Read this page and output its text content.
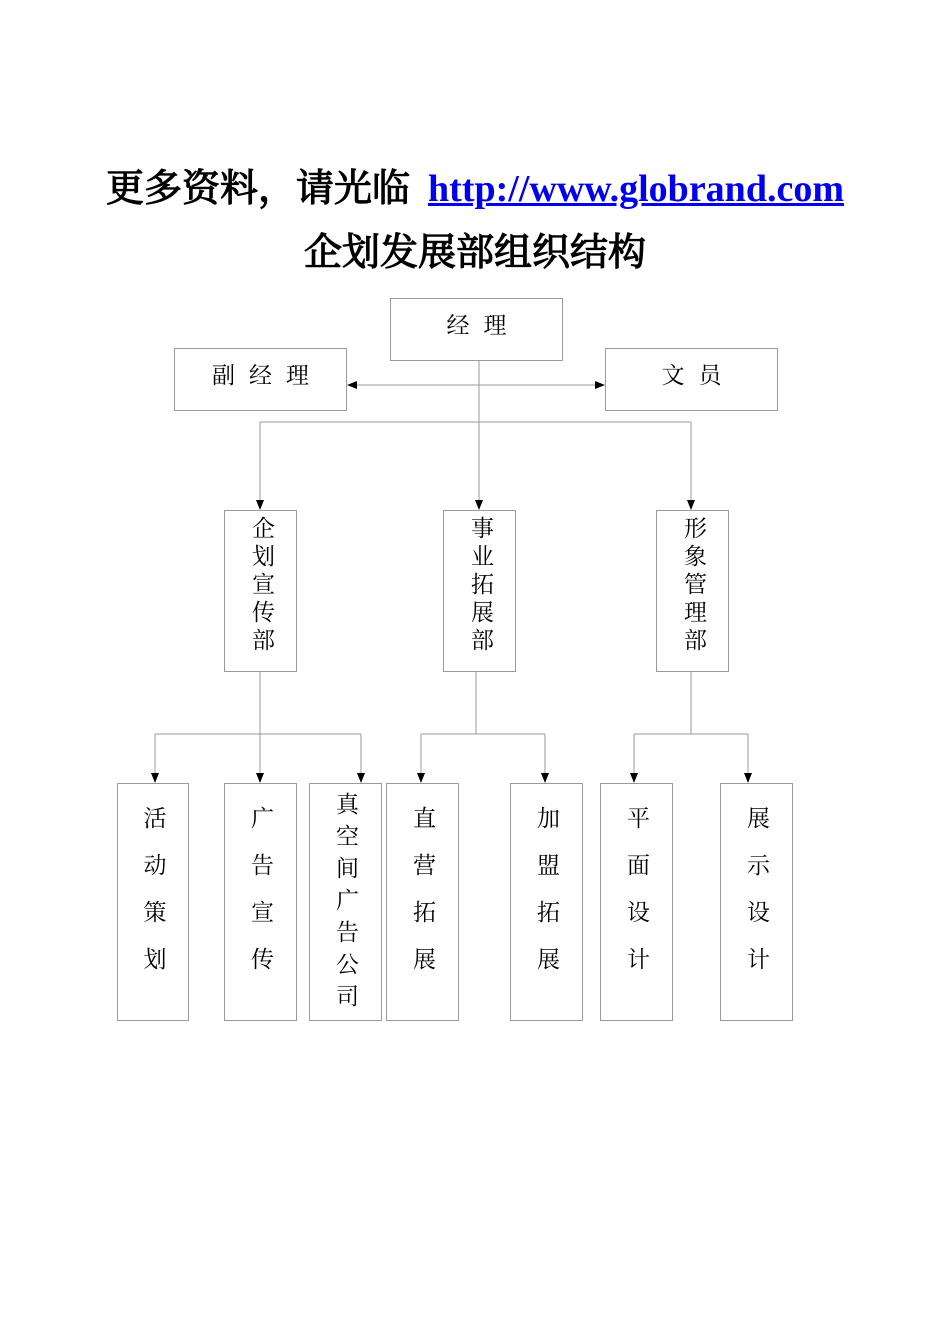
更多资料，请光临 http://www.globrand.com
企划发展部组织结构
经理
副经理	文员
企划宣传部	事业拓展部	形象管理部
活动策划	广告宣传	真空间广告公司	直营拓展	加盟拓展	平面设计	展示设计
